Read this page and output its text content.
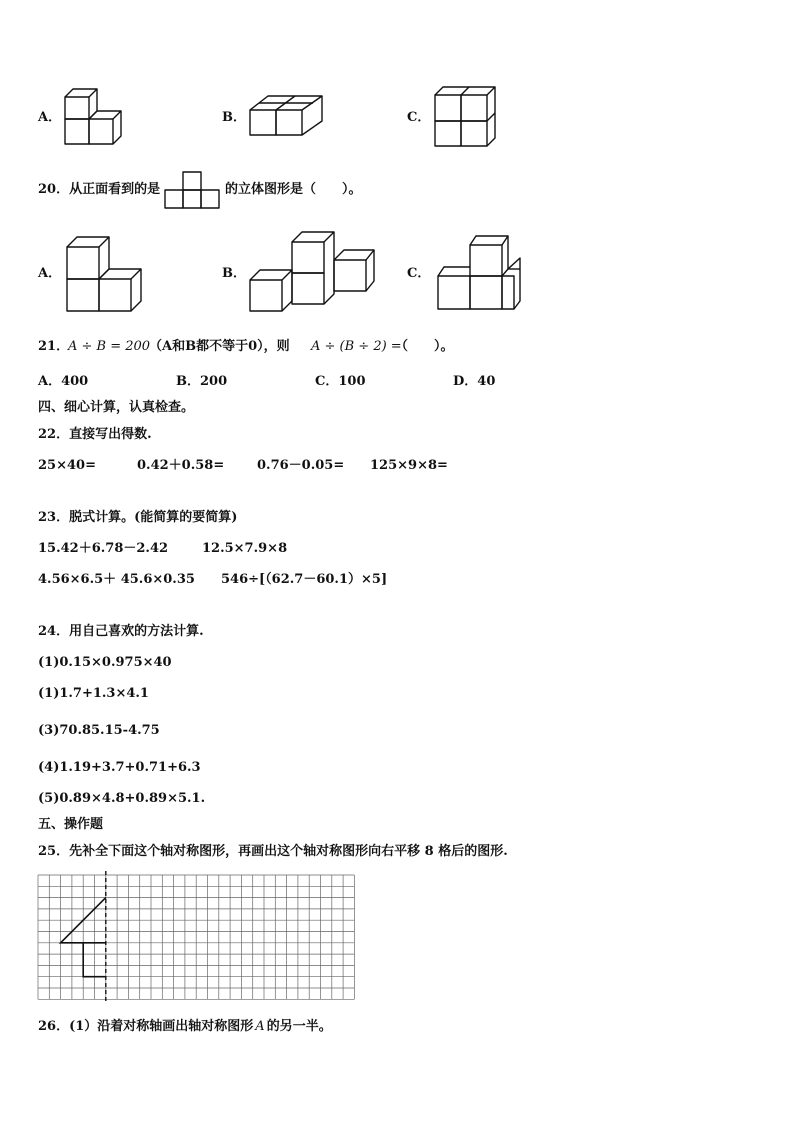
A．	B．	C．
20．从正面看到的是	的立体图形是（　　）。
A．	B．	C．
21．
A ÷ B = 200
（A和B都不等于0），则 A ÷ (B ÷ 2) =
（　　）。
A．400	B．200	C．100	D．40
四、细心计算，认真检查。
22．直接写出得数.
25×40=	0.42＋0.58=	0.76－0.05= 125×9×8=
23．脱式计算。(能简算的要简算)
15.42＋6.78－2.42	12.5×7.9×8
4.56×6.5＋ 45.6×0.35 546÷[（62.7－60.1）×5]
24．用自己喜欢的方法计算.
(1)0.15×0.975×40
(1)1.7+1.3×4.1
(3)70.85.15-4.75
(4)1.19+3.7+0.71+6.3
(5)0.89×4.8+0.89×5.1.
五、操作题
25．先补全下面这个轴对称图形，再画出这个轴对称图形向右平移 8 格后的图形.
26．(1）沿着对称轴画出轴对称图形 A 的另一半。
